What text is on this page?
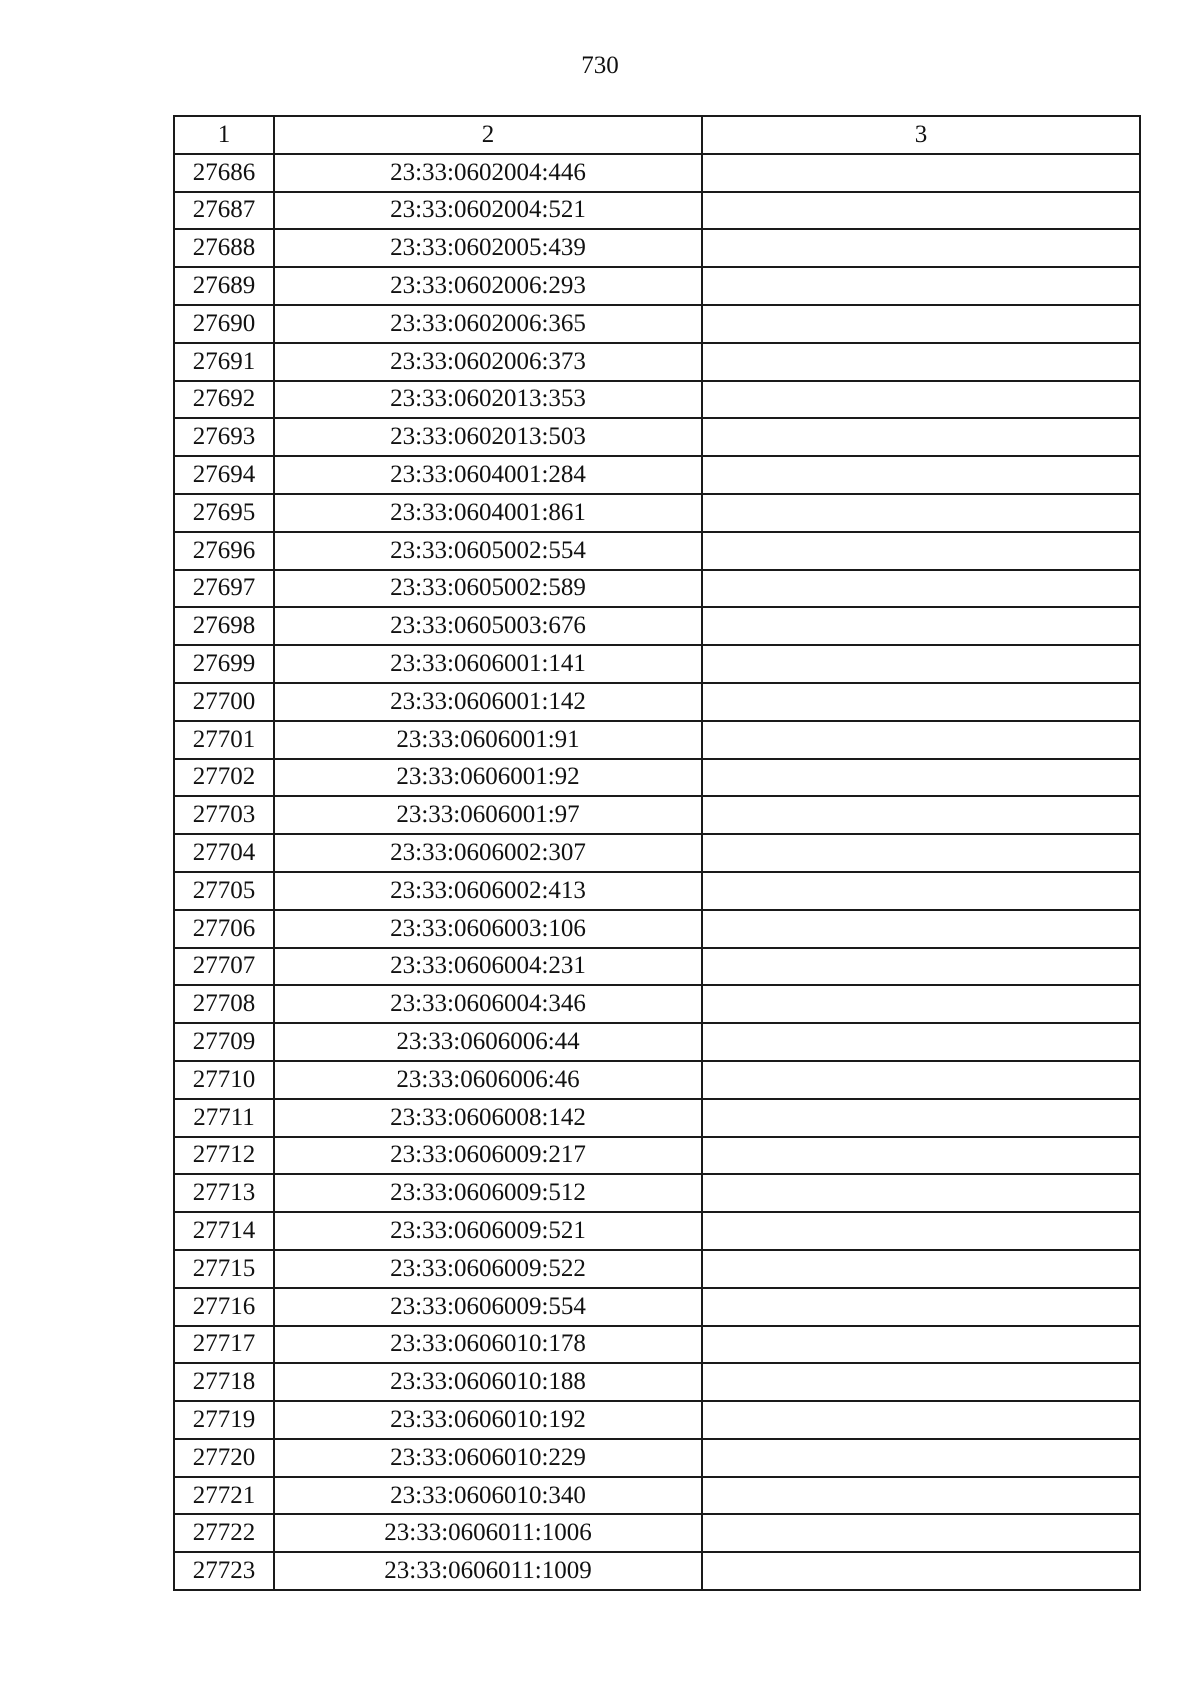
730
1	2	3
27686	23:33:0602004:446	
27687	23:33:0602004:521	
27688	23:33:0602005:439	
27689	23:33:0602006:293	
27690	23:33:0602006:365	
27691	23:33:0602006:373	
27692	23:33:0602013:353	
27693	23:33:0602013:503	
27694	23:33:0604001:284	
27695	23:33:0604001:861	
27696	23:33:0605002:554	
27697	23:33:0605002:589	
27698	23:33:0605003:676	
27699	23:33:0606001:141	
27700	23:33:0606001:142	
27701	23:33:0606001:91	
27702	23:33:0606001:92	
27703	23:33:0606001:97	
27704	23:33:0606002:307	
27705	23:33:0606002:413	
27706	23:33:0606003:106	
27707	23:33:0606004:231	
27708	23:33:0606004:346	
27709	23:33:0606006:44	
27710	23:33:0606006:46	
27711	23:33:0606008:142	
27712	23:33:0606009:217	
27713	23:33:0606009:512	
27714	23:33:0606009:521	
27715	23:33:0606009:522	
27716	23:33:0606009:554	
27717	23:33:0606010:178	
27718	23:33:0606010:188	
27719	23:33:0606010:192	
27720	23:33:0606010:229	
27721	23:33:0606010:340	
27722	23:33:0606011:1006	
27723	23:33:0606011:1009	
